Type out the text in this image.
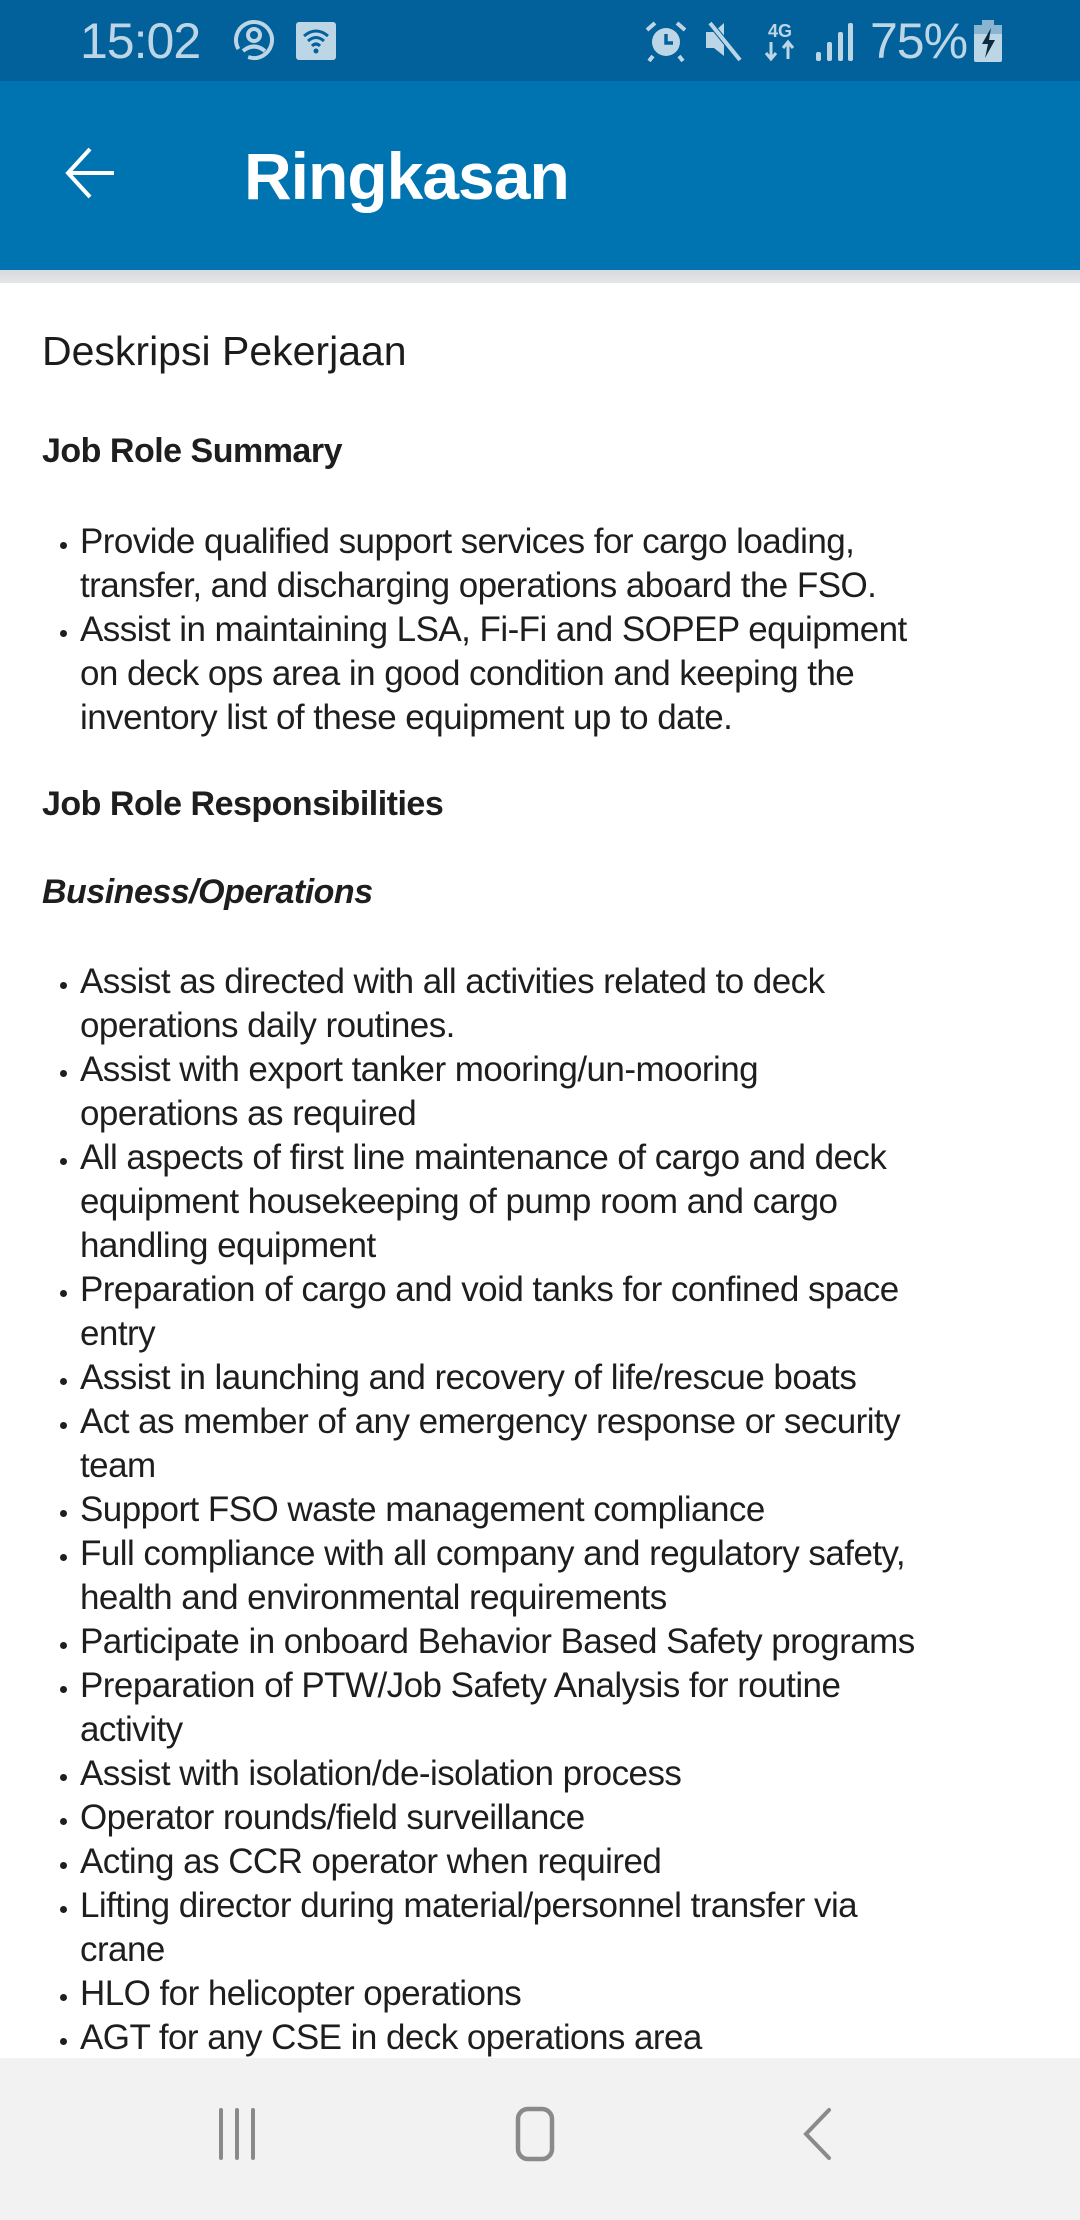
15:02	4G 75%
Ringkasan
Deskripsi Pekerjaan
Job Role Summary
Provide qualified support services for cargo loading,
transfer, and discharging operations aboard the FSO.
Assist in maintaining LSA, Fi-Fi and SOPEP equipment
on deck ops area in good condition and keeping the
inventory list of these equipment up to date.
Job Role Responsibilities
Business/Operations
Assist as directed with all activities related to deck
operations daily routines.
Assist with export tanker mooring/un-mooring
operations as required
All aspects of first line maintenance of cargo and deck
equipment housekeeping of pump room and cargo
handling equipment
Preparation of cargo and void tanks for confined space
entry
Assist in launching and recovery of life/rescue boats
Act as member of any emergency response or security
team
Support FSO waste management compliance
Full compliance with all company and regulatory safety,
health and environmental requirements
Participate in onboard Behavior Based Safety programs
Preparation of PTW/Job Safety Analysis for routine
activity
Assist with isolation/de-isolation process
Operator rounds/field surveillance
Acting as CCR operator when required
Lifting director during material/personnel transfer via
crane
HLO for helicopter operations
AGT for any CSE in deck operations area
